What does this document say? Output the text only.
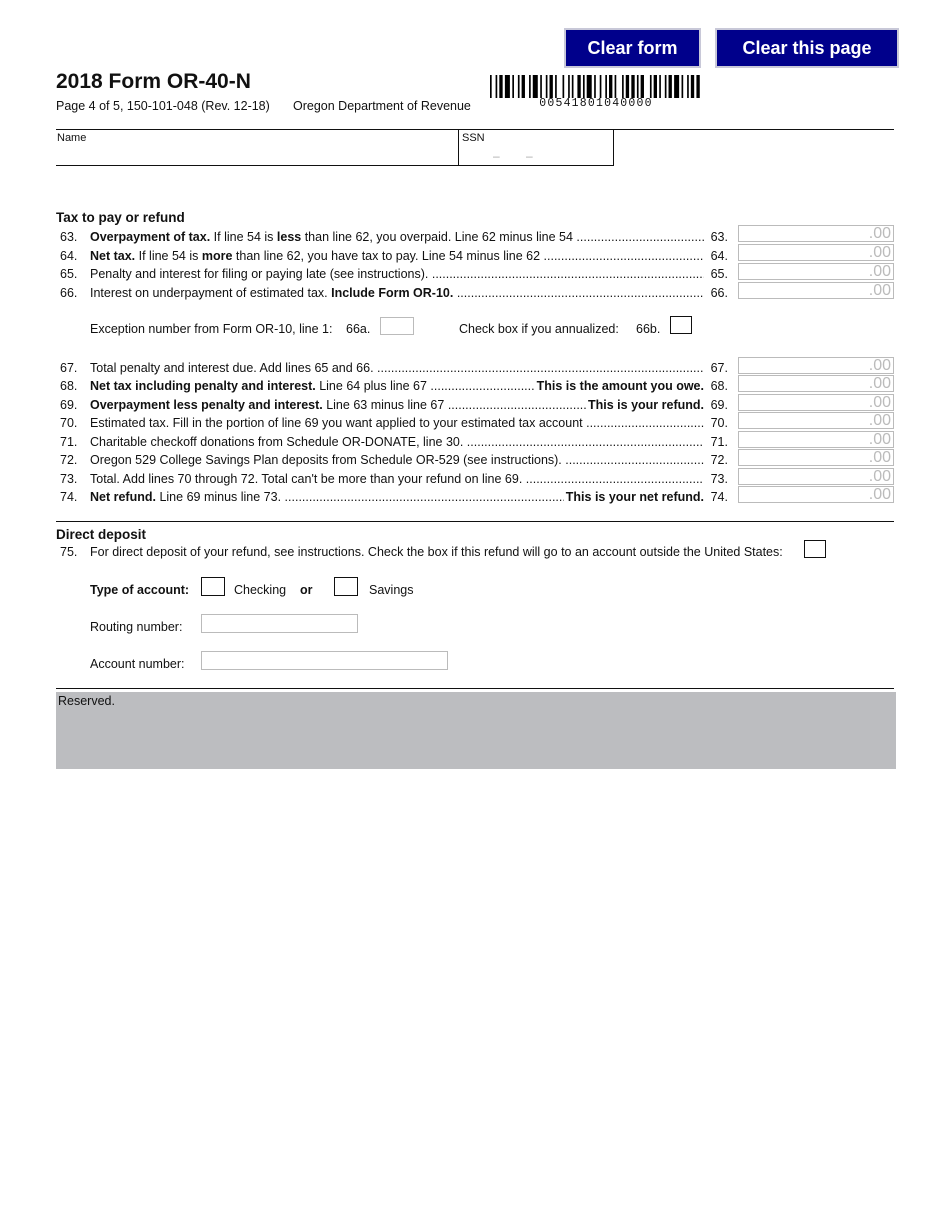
Clear form	Clear this page
2018 Form OR-40-N
Page 4 of 5, 150-101-048 (Rev. 12-18) Oregon Department of Revenue	00541801040000
Name	SSN
– –
Tax to pay or refund
63. Overpayment of tax. If line 54 is less than line 62, you overpaid. Line 62 minus line 54 .....	63.	.00
64. Net tax. If line 54 is more than line 62, you have tax to pay. Line 54 minus line 62 .....	64.	.00
65. Penalty and interest for filing or paying late (see instructions). .....	65.	.00
66. Interest on underpayment of estimated tax. Include Form OR-10. .....	66.	.00
Exception number from Form OR-10, line 1: 66a.	Check box if you annualized: 66b.
67. Total penalty and interest due. Add lines 65 and 66. .....	67.	.00
68. Net tax including penalty and interest. Line 64 plus line 67 .....	This is the amount you owe. 68.	.00
69. Overpayment less penalty and interest. Line 63 minus line 67 .....	This is your refund. 69.	.00
70. Estimated tax. Fill in the portion of line 69 you want applied to your estimated tax account .....	70.	.00
71. Charitable checkoff donations from Schedule OR-DONATE, line 30. .....	71.	.00
72. Oregon 529 College Savings Plan deposits from Schedule OR-529 (see instructions). .....	72.	.00
73. Total. Add lines 70 through 72. Total can't be more than your refund on line 69. .....	73.	.00
74. Net refund. Line 69 minus line 73. .....	This is your net refund. 74.	.00
Direct deposit
75. For direct deposit of your refund, see instructions. Check the box if this refund will go to an account outside the United States:
Type of account:	Checking or	Savings
Routing number:
Account number:
Reserved.
